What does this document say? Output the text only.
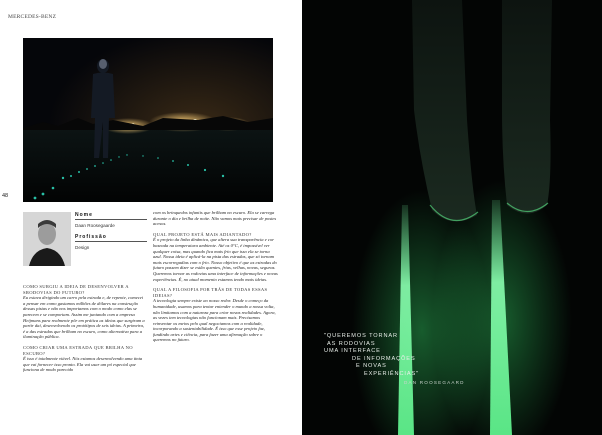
MERCEDES-BENZ
48
Nome
Daan Roosegaarde
Profissão
Design

COMO SURGIU A IDEIA DE DESENVOLVER A SRODOVIAS DO FUTURO?

Eu estava dirigindo um carro pela estrada e, de repente, comecei a pensar em como gastamos milhões de dólares na construção dessas pistas e não nos importamos com o modo como elas se parecem e se comportam. Assim me juntando com a empresa Heijmans para realmente pôr em prática as ideias que surgiram a partir daí, desenvolvendo os protótipos de seis ideias. A primeira, é a das estradas que brilham no escuro, como alternativa para a iluminação pública.

COMO CRIAR UMA ESTRADA QUE BRILHA NO ESCURO?

É isso é totalmente viável. Nós estamos desenvolvendo uma tinta que vai fornecer isso pronto. Ela vai usar um pó especial que funciona de modo parecido

com os brinquedos infantis que brilham no escuro. Ela se carrega durante o dia e brilha de noite. Não vamos mais precisar de postes acesos.

QUAL PROJETO ESTÁ MAIS ADIANTADO?

É o projeto da linha dinâmica, que altera sua transparência e cor baseada na temperatura ambiente. Até os 0°C, é impossível ver qualquer coisa, mas quando fica mais frio que isso ela se torna azul. Nossa ideia é aplicá-la na pista das estradas, que só tornam mais escorregadias com o frio. Nosso objetivo é que as estradas do futuro passem dizer se estão quentes, frias, velhas, novas, seguras. Queremos tornar as rodovias uma interface de informações e novas experiências. É, no atual momento estamos tendo mais ideias.

QUAL A FILOSOFIA POR TRÁS DE TODAS ESSAS IDEIAS?

A tecnologia sempre existe ao nosso redor. Desde o começo da humanidade, usamos para tentar entender o mundo a nossa volta, não limitamos com a natureza para criar novas realidades. Agora, as vezes tem tecnologias não funcionam mais. Precisamos reinventar os meios pelo qual negociamos com a realidade, incorporando a sustentabilidade. É isso que esse projeto faz, fundindo artes e ciência, para fazer uma afirmação sobre o queremos no futuro.

"QUEREMOS TORNAR
AS RODOVIAS
UMA INTERFACE
DE INFORMAÇÕES
E NOVAS
EXPERIÊNCIAS"
DAN ROOSEGAARD
